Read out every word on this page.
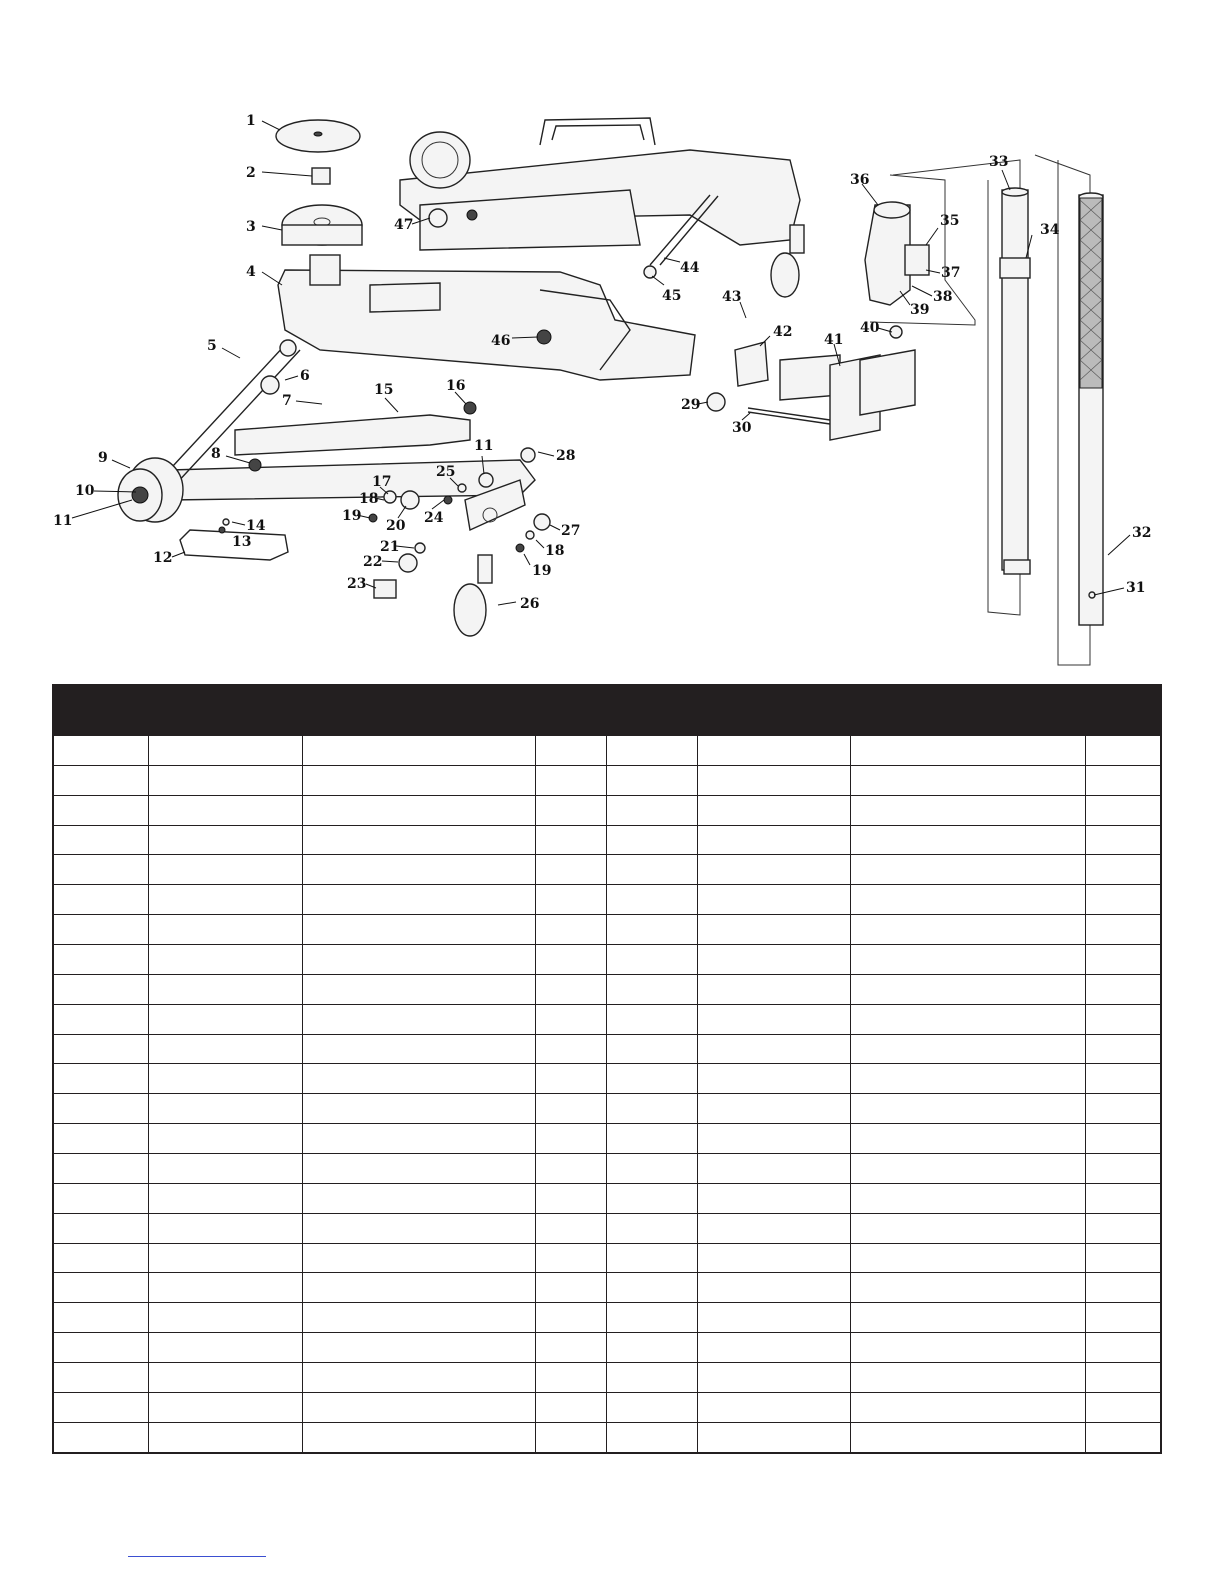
1
2
3
4
5
6
7
8
9
10
11
12
13
14
15	16
17
18
19
20
21
22
23
24
25
11
26
27
18
19
28
29
30
31
32
33
34
35
36
37
38
39
40
41
42
43
44
45
46
47
